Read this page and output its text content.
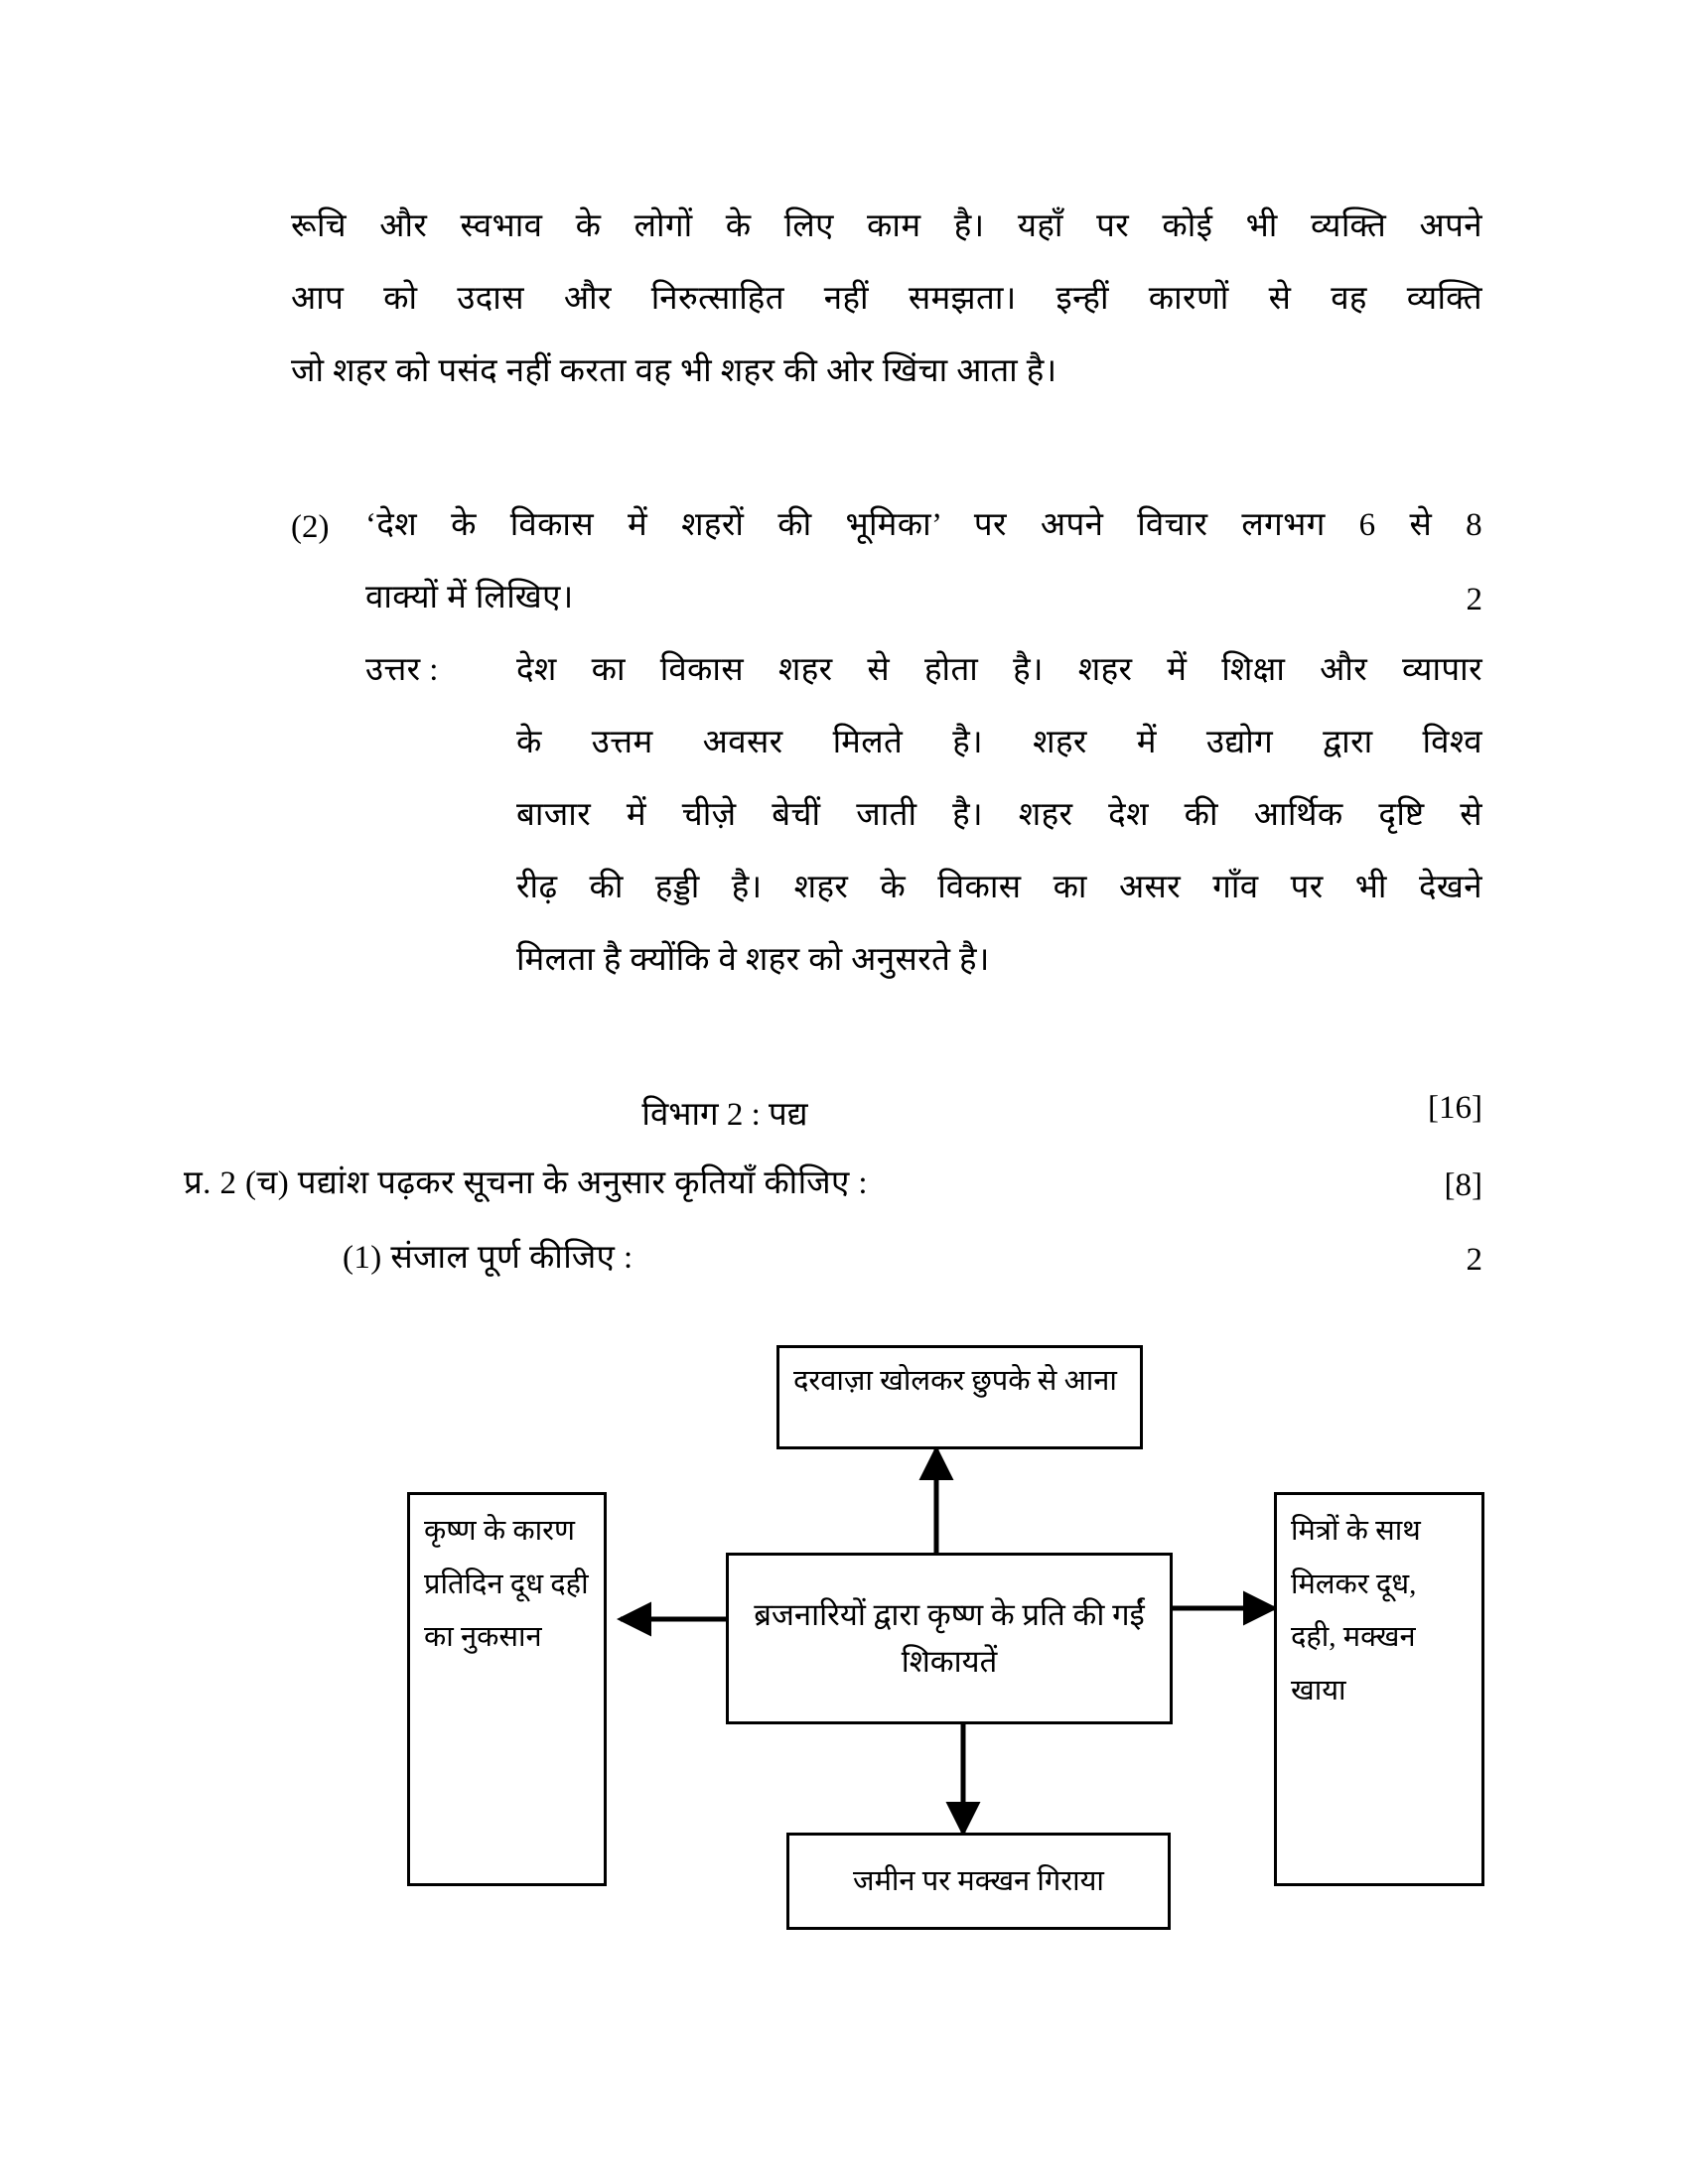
रूचि और स्वभाव के लोगों के लिए काम है। यहाँ पर कोई भी व्यक्ति अपने
आप को उदास और निरुत्साहित नहीं समझता। इन्हीं कारणों से वह व्यक्ति
जो शहर को पसंद नहीं करता वह भी शहर की ओर खिंचा आता है।
(2) ‘देश के विकास में शहरों की भूमिका’ पर अपने विचार लगभग 6 से 8
वाक्यों में लिखिए।	2
उत्तर : देश का विकास शहर से होता है। शहर में शिक्षा और व्यापार
के उत्तम अवसर मिलते है। शहर में उद्योग द्वारा विश्व
बाजार में चीज़े बेचीं जाती है। शहर देश की आर्थिक दृष्टि से
रीढ़ की हड्डी है। शहर के विकास का असर गाँव पर भी देखने
मिलता है क्योंकि वे शहर को अनुसरते है।
विभाग 2 : पद्य	[16]
प्र. 2 (च) पद्यांश पढ़कर सूचना के अनुसार कृतियाँ कीजिए :	[8]
(1) संजाल पूर्ण कीजिए :	2
दरवाज़ा खोलकर छुपके से आना
कृष्ण के कारण प्रतिदिन दूध दही का नुकसान
ब्रजनारियों द्वारा कृष्ण के प्रति की गईं शिकायतें
मित्रों के साथ मिलकर दूध, दही, मक्खन खाया
जमीन पर मक्खन गिराया
